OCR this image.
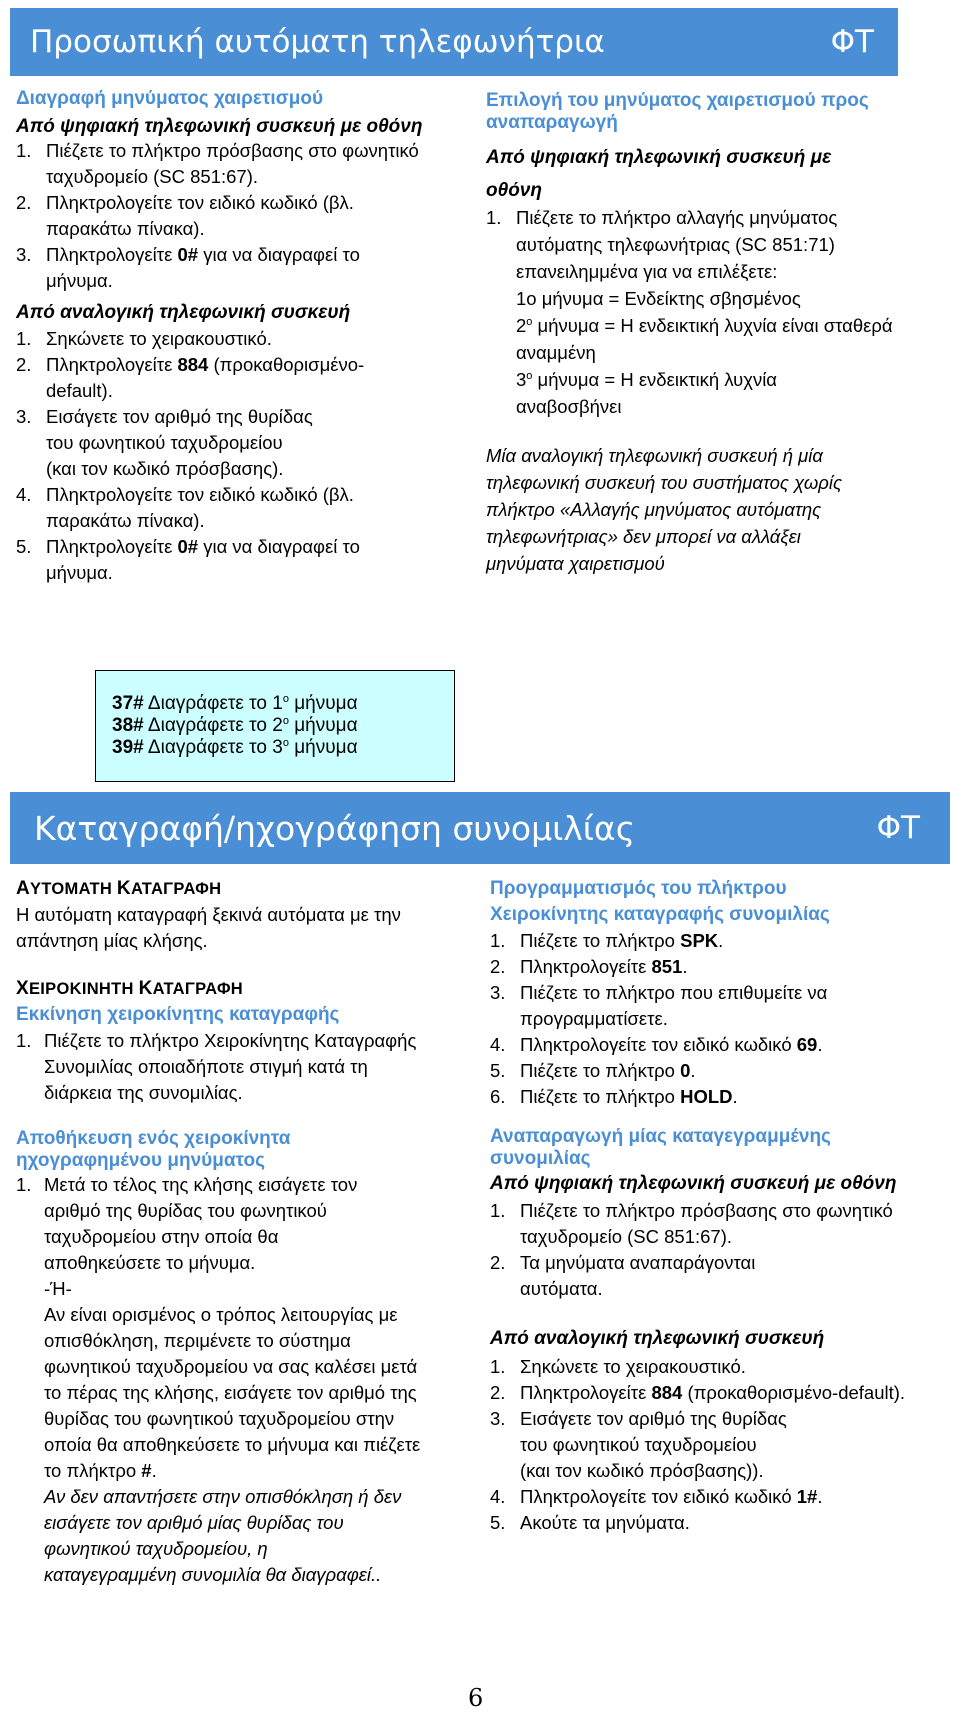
Προσωπική αυτόματη τηλεφωνήτρια	ΦΤ
Διαγραφή μηνύματος χαιρετισμού
Από ψηφιακή τηλεφωνική συσκευή με οθόνη
1. Πιέζετε το πλήκτρο πρόσβασης στο φωνητικό ταχυδρομείο (SC 851:67).
2. Πληκτρολογείτε τον ειδικό κωδικό (βλ. παρακάτω πίνακα).
3. Πληκτρολογείτε 0# για να διαγραφεί το μήνυμα.
Από αναλογική τηλεφωνική συσκευή
1. Σηκώνετε το χειρακουστικό.
2. Πληκτρολογείτε 884 (προκαθορισμένο-default).
3. Εισάγετε τον αριθμό της θυρίδας του φωνητικού ταχυδρομείου (και τον κωδικό πρόσβασης).
4. Πληκτρολογείτε τον ειδικό κωδικό (βλ. παρακάτω πίνακα).
5. Πληκτρολογείτε 0# για να διαγραφεί το μήνυμα.
Επιλογή του μηνύματος χαιρετισμού προς αναπαραγωγή
Από ψηφιακή τηλεφωνική συσκευή με
οθόνη
1. Πιέζετε το πλήκτρο αλλαγής μηνύματος αυτόματης τηλεφωνήτριας (SC 851:71) επανειλημμένα για να επιλέξετε:
1ο μήνυμα = Ενδείκτης σβησμένος
$2^o$ μήνυμα = Η ενδεικτική λυχνία είναι σταθερά αναμμένη
$3^o$ μήνυμα = Η ενδεικτική λυχνία αναβοσβήνει
Μία αναλογική τηλεφωνική συσκευή ή μία τηλεφωνική συσκευή του συστήματος χωρίς πλήκτρο «Αλλαγής μηνύματος αυτόματης τηλεφωνήτριας» δεν μπορεί να αλλάξει μηνύματα χαιρετισμού
37# Διαγράφετε το $1^o$ μήνυμα
38# Διαγράφετε το $2^o$ μήνυμα
39# Διαγράφετε το $3^o$ μήνυμα
Καταγραφή/ηχογράφηση συνομιλίας	ΦΤ
ΑΥΤΟΜΑΤΗ ΚΑΤΑΓΡΑΦΗ
Η αυτόματη καταγραφή ξεκινά αυτόματα με την απάντηση μίας κλήσης.
ΧΕΙΡΟΚΙΝΗΤΗ ΚΑΤΑΓΡΑΦΗ
Εκκίνηση χειροκίνητης καταγραφής
1. Πιέζετε το πλήκτρο Χειροκίνητης Καταγραφής Συνομιλίας οποιαδήποτε στιγμή κατά τη διάρκεια της συνομιλίας.
Αποθήκευση ενός χειροκίνητα ηχογραφημένου μηνύματος
1. Μετά το τέλος της κλήσης εισάγετε τον αριθμό της θυρίδας του φωνητικού ταχυδρομείου στην οποία θα αποθηκεύσετε το μήνυμα.
-Ή-
Αν είναι ορισμένος ο τρόπος λειτουργίας με οπισθόκληση, περιμένετε το σύστημα φωνητικού ταχυδρομείου να σας καλέσει μετά το πέρας της κλήσης, εισάγετε τον αριθμό της θυρίδας του φωνητικού ταχυδρομείου στην οποία θα αποθηκεύσετε το μήνυμα και πιέζετε το πλήκτρο #.
Αν δεν απαντήσετε στην οπισθόκληση ή δεν εισάγετε τον αριθμό μίας θυρίδας του φωνητικού ταχυδρομείου, η καταγεγραμμένη συνομιλία θα διαγραφεί..
Προγραμματισμός του πλήκτρου Χειροκίνητης καταγραφής συνομιλίας
1. Πιέζετε το πλήκτρο SPK.
2. Πληκτρολογείτε 851.
3. Πιέζετε το πλήκτρο που επιθυμείτε να προγραμματίσετε.
4. Πληκτρολογείτε τον ειδικό κωδικό 69.
5. Πιέζετε το πλήκτρο 0.
6. Πιέζετε το πλήκτρο HOLD.
Αναπαραγωγή μίας καταγεγραμμένης συνομιλίας
Από ψηφιακή τηλεφωνική συσκευή με οθόνη
1. Πιέζετε το πλήκτρο πρόσβασης στο φωνητικό ταχυδρομείο (SC 851:67).
2. Τα μηνύματα αναπαράγονται αυτόματα.
Από αναλογική τηλεφωνική συσκευή
1. Σηκώνετε το χειρακουστικό.
2. Πληκτρολογείτε 884 (προκαθορισμένο-default).
3. Εισάγετε τον αριθμό της θυρίδας του φωνητικού ταχυδρομείου (και τον κωδικό πρόσβασης)).
4. Πληκτρολογείτε τον ειδικό κωδικό 1#.
5. Ακούτε τα μηνύματα.
6
